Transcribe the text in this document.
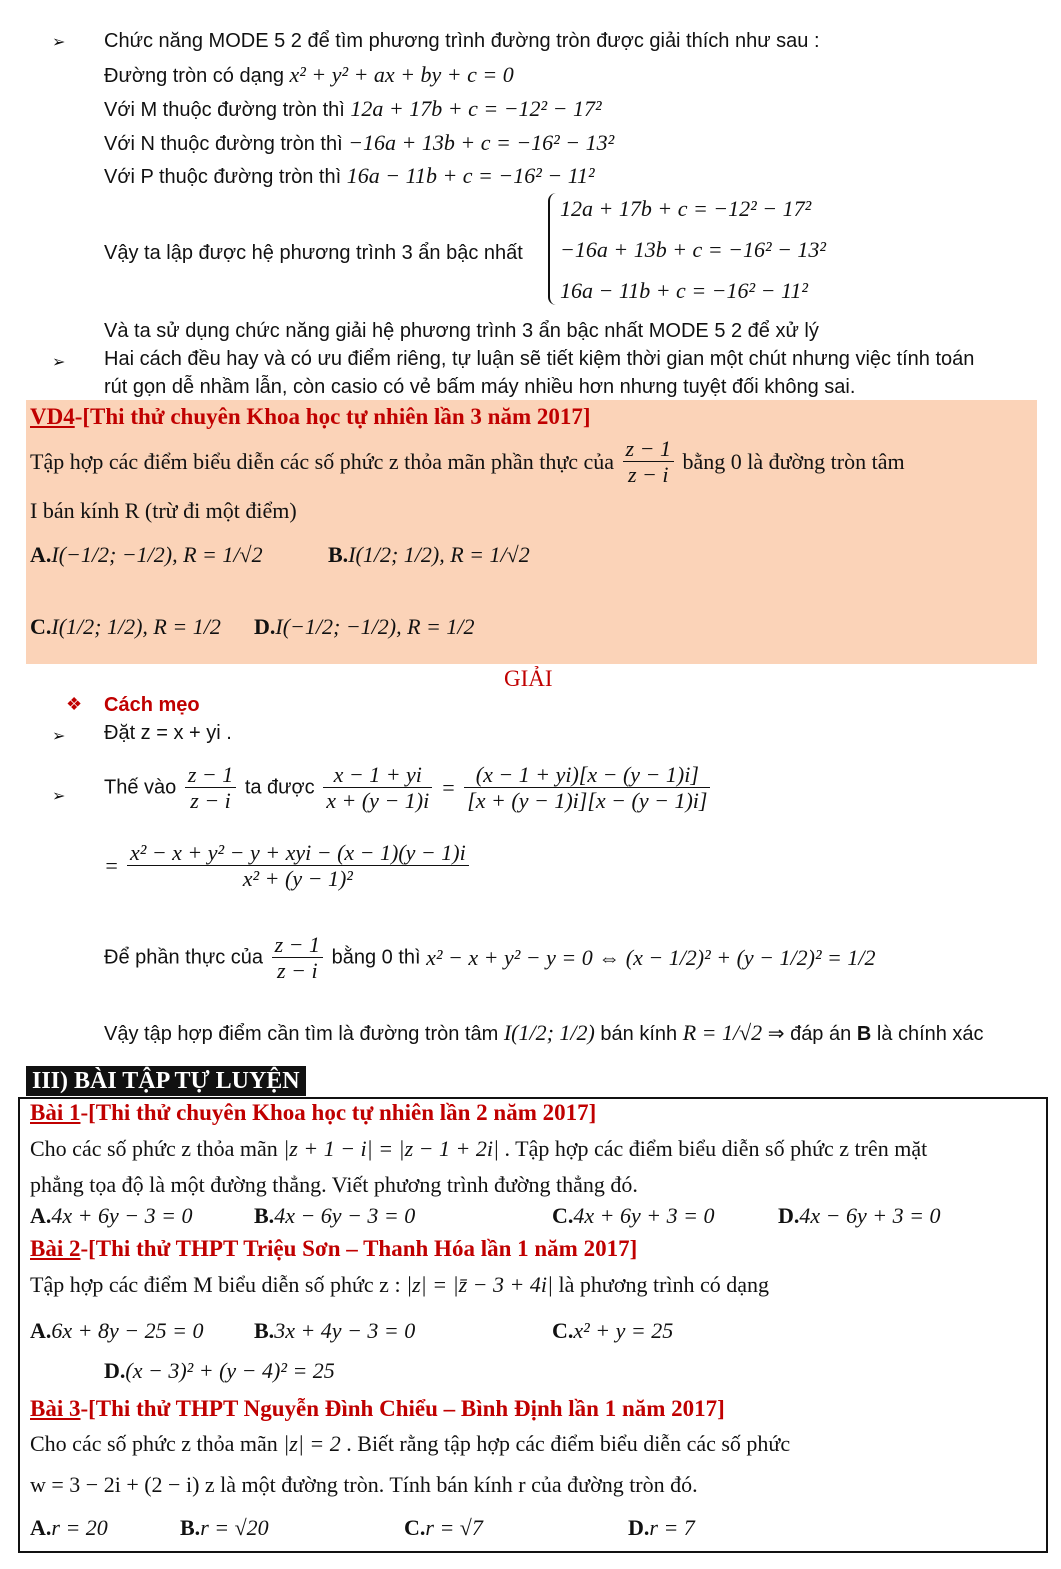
➢ Chức năng MODE 5 2 để tìm phương trình đường tròn được giải thích như sau :
Đường tròn có dạng x² + y² + ax + by + c = 0
Với M thuộc đường tròn thì 12a + 17b + c = −12² − 17²
Với N thuộc đường tròn thì −16a + 13b + c = −16² − 13²
Với P thuộc đường tròn thì 16a − 11b + c = −16² − 11²
Vậy ta lập được hệ phương trình 3 ẩn bậc nhất
12a + 17b + c = −12² − 17²
−16a + 13b + c = −16² − 13²
16a − 11b + c = −16² − 11²
Và ta sử dụng chức năng giải hệ phương trình 3 ẩn bậc nhất MODE 5 2 để xử lý
➢ Hai cách đều hay và có ưu điểm riêng, tự luận sẽ tiết kiệm thời gian một chút nhưng việc tính toán
rút gọn dễ nhầm lẫn, còn casio có vẻ bấm máy nhiều hơn nhưng tuyệt đối không sai.
VD4-[Thi thử chuyên Khoa học tự nhiên lần 3 năm 2017]
Tập hợp các điểm biểu diễn các số phức z thỏa mãn phần thực của $\frac{z - 1}{z - i}$ bằng 0 là đường tròn tâm
I bán kính R (trừ đi một điểm)
A.I(−1/2; −1/2), R = 1/√2	B.I(1/2; 1/2), R = 1/√2
C.I(1/2; 1/2), R = 1/2 D.I(−1/2; −1/2), R = 1/2
GIẢI
❖ Cách mẹo
➢ Đặt z = x + yi .
➢ Thế vào $\frac{z - 1}{z - i}$ ta được $\frac{x - 1 + yi}{x + (y - 1)i} = \frac{(x - 1 + yi)[x - (y - 1)i]}{[x + (y - 1)i][x - (y - 1)i]}$
= $\frac{\text{x² − x + y² − y + xyi − (x − 1)(y − 1)i}}{\text{x² + (y − 1)²}}$
Để phần thực của $\frac{z - 1}{z - i}$ bằng 0 thì x² − x + y² − y = 0 ⇔ (x − 1/2)² + (y − 1/2)² = 1/2
Vậy tập hợp điểm cần tìm là đường tròn tâm I(1/2; 1/2) bán kính R = 1/√2 ⇒ đáp án B là chính xác
III) BÀI TẬP TỰ LUYỆN
Bài 1-[Thi thử chuyên Khoa học tự nhiên lần 2 năm 2017]
Cho các số phức z thỏa mãn |z + 1 − i| = |z − 1 + 2i| . Tập hợp các điểm biểu diễn số phức z trên mặt
phẳng tọa độ là một đường thẳng. Viết phương trình đường thẳng đó.
A.4x + 6y − 3 = 0	B.4x − 6y − 3 = 0	C.4x + 6y + 3 = 0	D.4x − 6y + 3 = 0
Bài 2-[Thi thử THPT Triệu Sơn – Thanh Hóa lần 1 năm 2017]
Tập hợp các điểm M biểu diễn số phức z : |z| = |z̄ − 3 + 4i| là phương trình có dạng
A.6x + 8y − 25 = 0 B.3x + 4y − 3 = 0	C.x² + y = 25
D.(x − 3)² + (y − 4)² = 25
Bài 3-[Thi thử THPT Nguyễn Đình Chiểu – Bình Định lần 1 năm 2017]
Cho các số phức z thỏa mãn |z| = 2 . Biết rằng tập hợp các điểm biểu diễn các số phức
w = 3 − 2i + (2 − i) z là một đường tròn. Tính bán kính r của đường tròn đó.
A.r = 20	B.r = √20	C.r = √7	D.r = 7
